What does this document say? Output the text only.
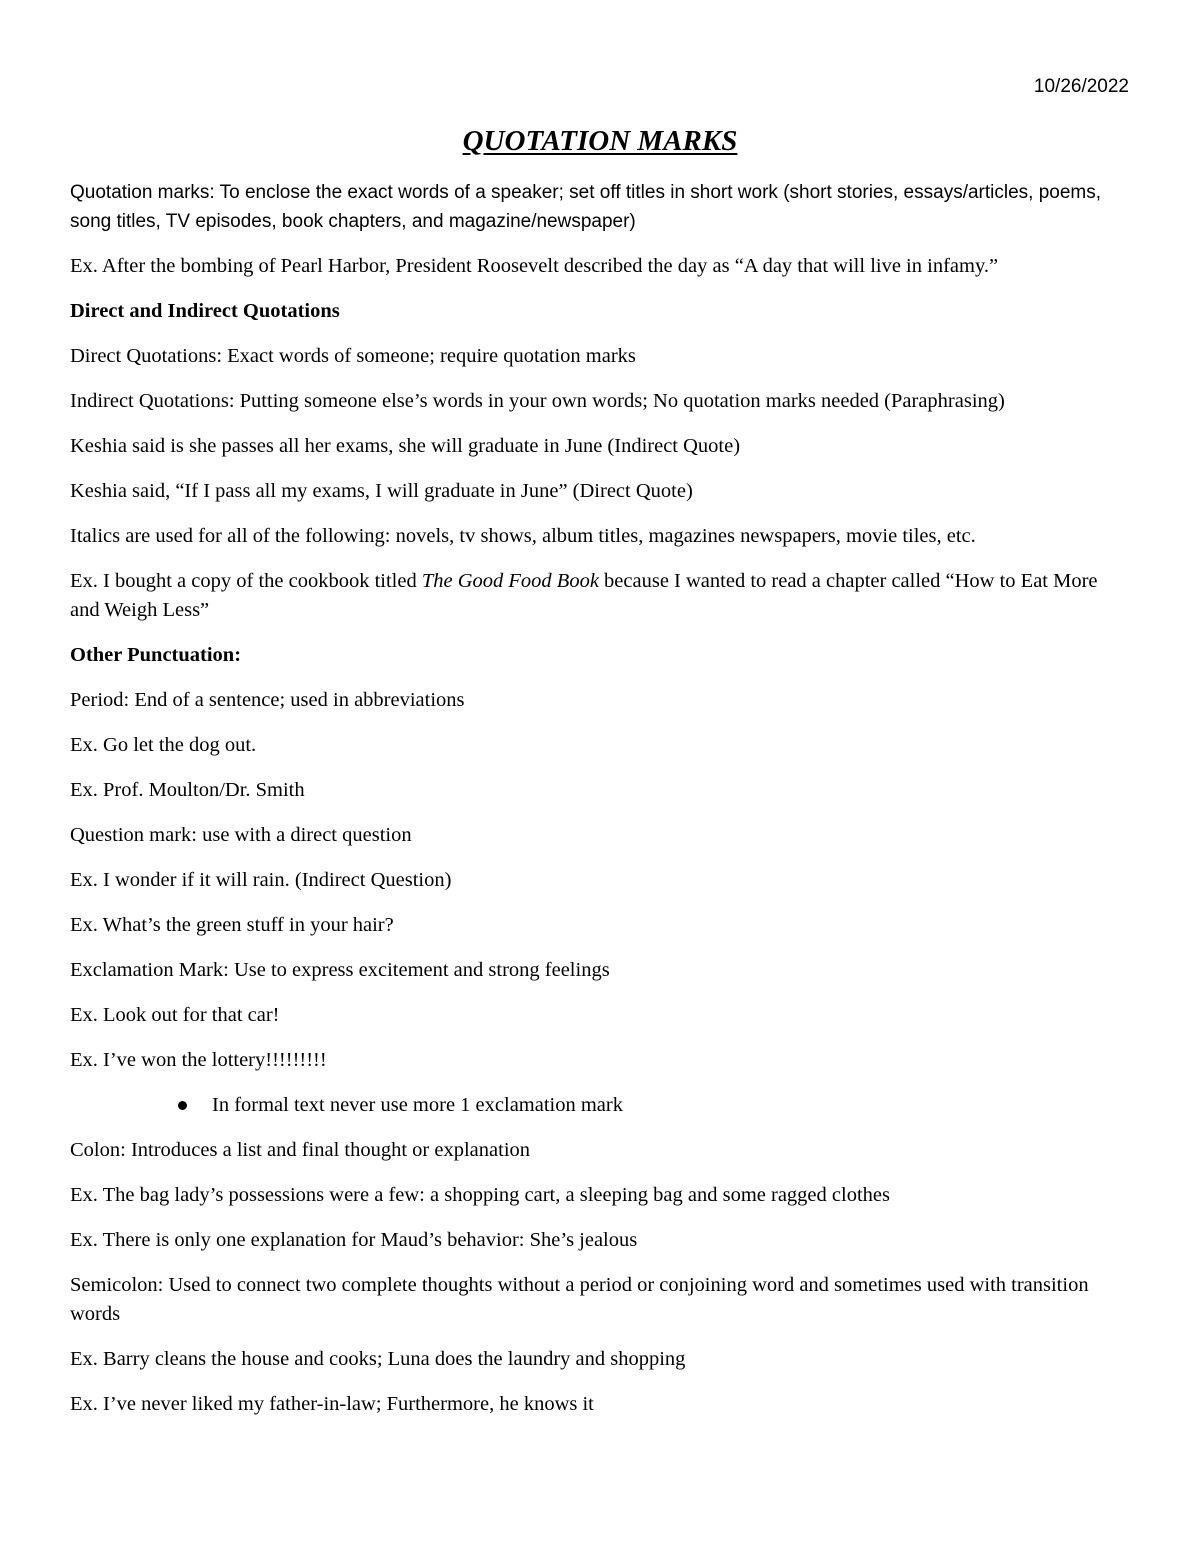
10/26/2022
QUOTATION MARKS

Quotation marks: To enclose the exact words of a speaker; set off titles in short work (short stories, essays/articles, poems, song titles, TV episodes, book chapters, and magazine/newspaper)

Ex. After the bombing of Pearl Harbor, President Roosevelt described the day as “A day that will live in infamy.”

Direct and Indirect Quotations

Direct Quotations: Exact words of someone; require quotation marks

Indirect Quotations: Putting someone else’s words in your own words; No quotation marks needed (Paraphrasing)

Keshia said is she passes all her exams, she will graduate in June (Indirect Quote)

Keshia said, “If I pass all my exams, I will graduate in June” (Direct Quote)

Italics are used for all of the following: novels, tv shows, album titles, magazines newspapers, movie tiles, etc.

Ex. I bought a copy of the cookbook titled The Good Food Book because I wanted to read a chapter called “How to Eat More and Weigh Less”

Other Punctuation:

Period: End of a sentence; used in abbreviations

Ex. Go let the dog out.

Ex. Prof. Moulton/Dr. Smith

Question mark: use with a direct question

Ex. I wonder if it will rain. (Indirect Question)

Ex. What’s the green stuff in your hair?

Exclamation Mark: Use to express excitement and strong feelings

Ex. Look out for that car!

Ex. I’ve won the lottery!!!!!!!!!

In formal text never use more 1 exclamation mark

Colon: Introduces a list and final thought or explanation

Ex. The bag lady’s possessions were a few: a shopping cart, a sleeping bag and some ragged clothes

Ex. There is only one explanation for Maud’s behavior: She’s jealous

Semicolon: Used to connect two complete thoughts without a period or conjoining word and sometimes used with transition words

Ex. Barry cleans the house and cooks; Luna does the laundry and shopping

Ex. I’ve never liked my father-in-law; Furthermore, he knows it
